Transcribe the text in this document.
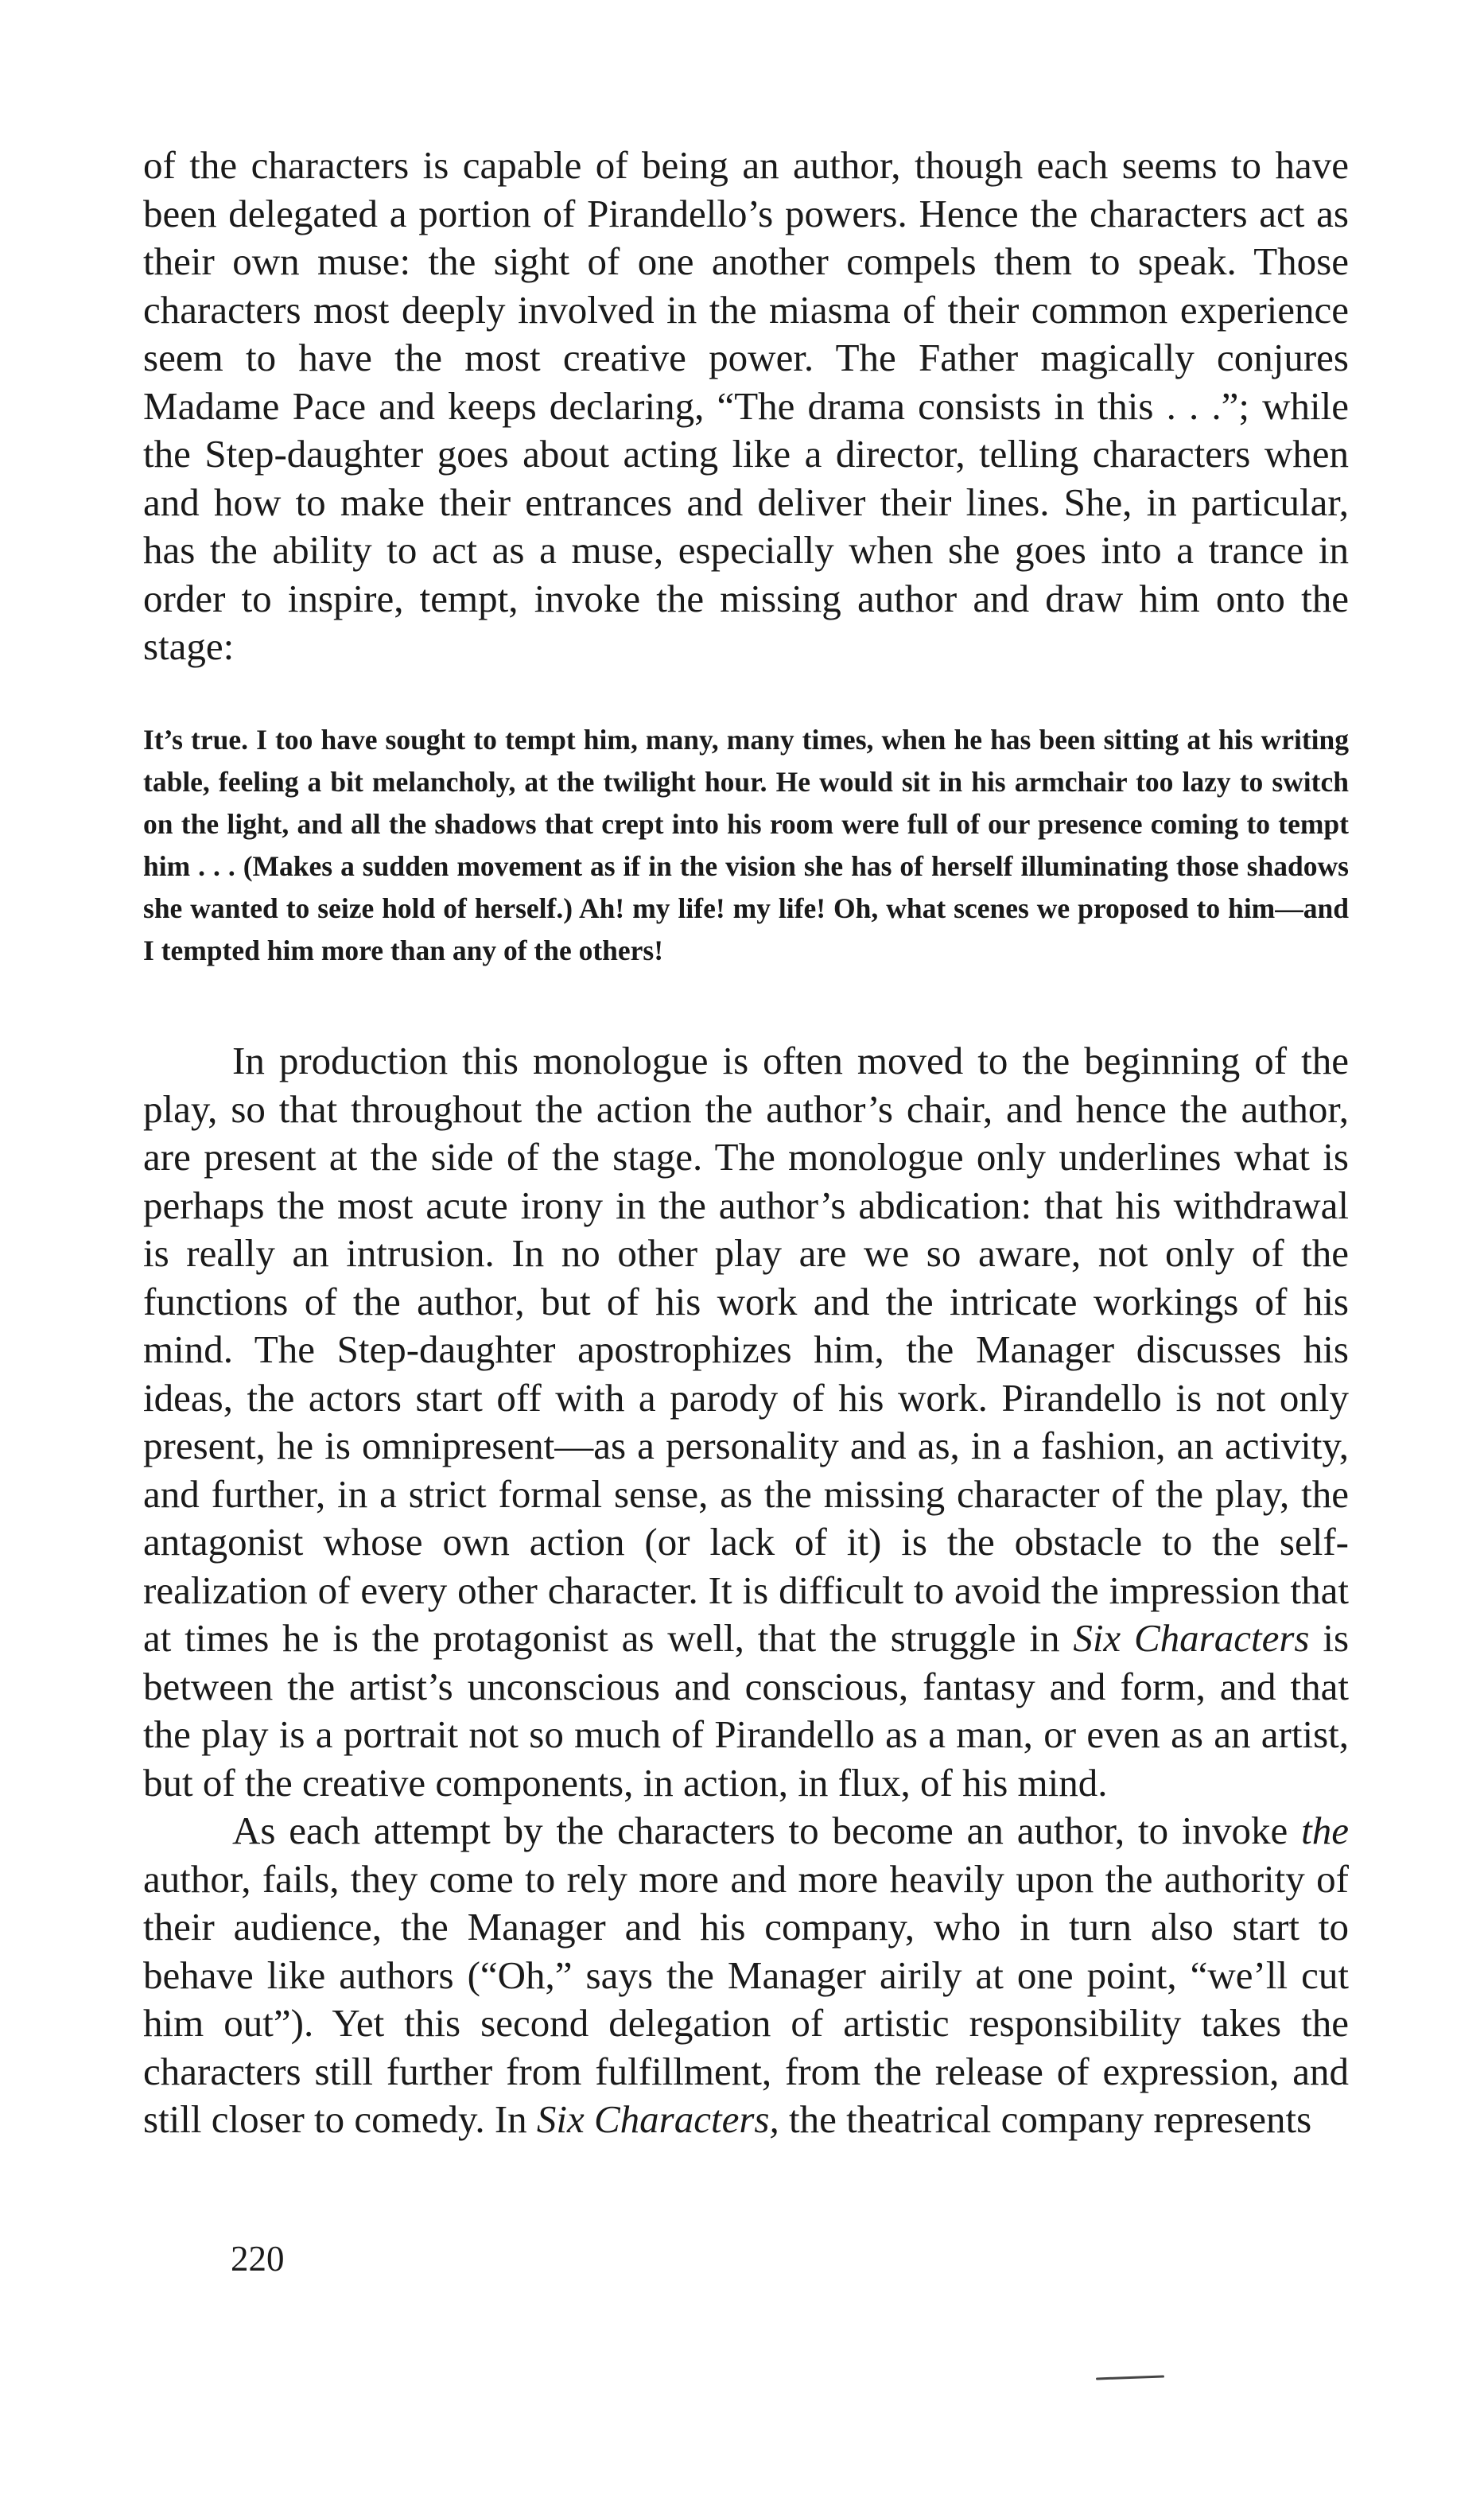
of the characters is capable of being an author, though each seems to have been delegated a portion of Pirandello’s powers. Hence the characters act as their own muse: the sight of one another compels them to speak. Those characters most deeply involved in the miasma of their common experience seem to have the most creative power. The Father magically conjures Madame Pace and keeps declaring, “The drama consists in this . . .”; while the Step-daughter goes about acting like a director, telling characters when and how to make their entrances and deliver their lines. She, in particular, has the ability to act as a muse, especially when she goes into a trance in order to inspire, tempt, invoke the missing author and draw him onto the stage:

It’s true. I too have sought to tempt him, many, many times, when he has been sitting at his writing table, feeling a bit melancholy, at the twilight hour. He would sit in his armchair too lazy to switch on the light, and all the shadows that crept into his room were full of our presence coming to tempt him . . . (Makes a sudden movement as if in the vision she has of herself illuminating those shadows she wanted to seize hold of herself.) Ah! my life! my life! Oh, what scenes we proposed to him—and I tempted him more than any of the others!

In production this monologue is often moved to the beginning of the play, so that throughout the action the author’s chair, and hence the author, are present at the side of the stage. The monologue only underlines what is perhaps the most acute irony in the author’s abdication: that his withdrawal is really an intrusion. In no other play are we so aware, not only of the functions of the author, but of his work and the intricate workings of his mind. The Step-daughter apostrophizes him, the Manager discusses his ideas, the actors start off with a parody of his work. Pirandello is not only present, he is omnipresent—as a personality and as, in a fashion, an activity, and further, in a strict formal sense, as the missing character of the play, the antagonist whose own action (or lack of it) is the obstacle to the self-realization of every other character. It is difficult to avoid the impression that at times he is the protagonist as well, that the struggle in Six Characters is between the artist’s unconscious and conscious, fantasy and form, and that the play is a portrait not so much of Pirandello as a man, or even as an artist, but of the creative components, in action, in flux, of his mind.

As each attempt by the characters to become an author, to invoke the author, fails, they come to rely more and more heavily upon the authority of their audience, the Manager and his company, who in turn also start to behave like authors (“Oh,” says the Manager airily at one point, “we’ll cut him out”). Yet this second delegation of artistic responsibility takes the characters still further from fulfillment, from the release of expression, and still closer to comedy. In Six Characters, the theatrical company represents

220
